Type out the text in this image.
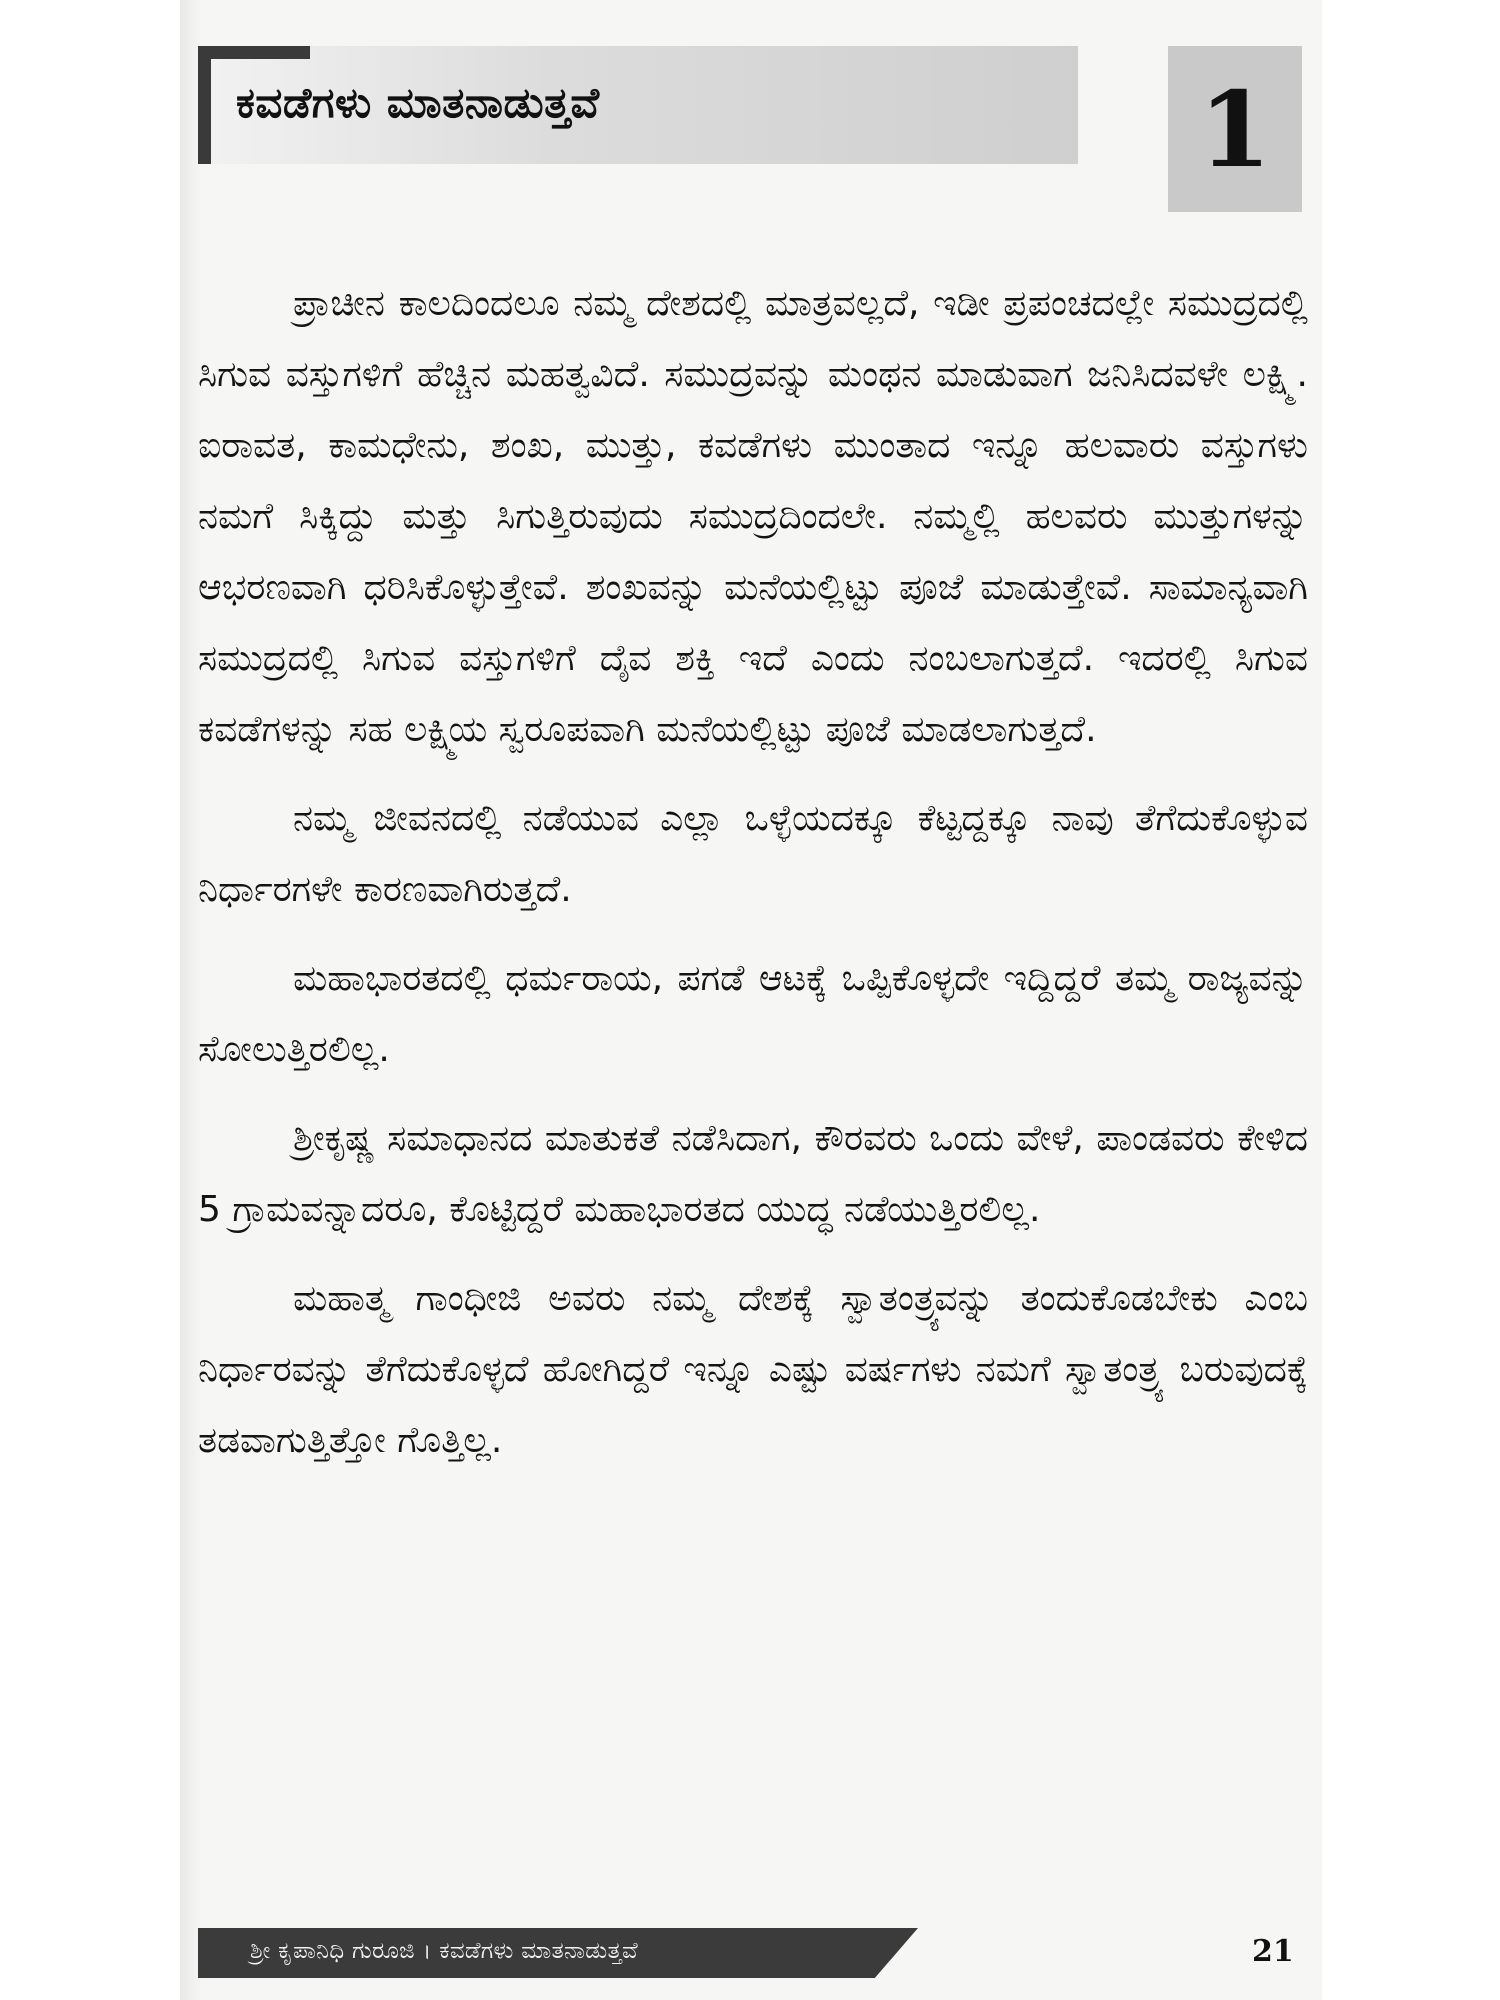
ಕವಡೆಗಳು ಮಾತನಾಡುತ್ತವೆ	1

ಪ್ರಾಚೀನ ಕಾಲದಿಂದಲೂ ನಮ್ಮ ದೇಶದಲ್ಲಿ ಮಾತ್ರವಲ್ಲದೆ, ಇಡೀ ಪ್ರಪಂಚದಲ್ಲೇ ಸಮುದ್ರದಲ್ಲಿ ಸಿಗುವ ವಸ್ತುಗಳಿಗೆ ಹೆಚ್ಚಿನ ಮಹತ್ವವಿದೆ. ಸಮುದ್ರವನ್ನು ಮಂಥನ ಮಾಡುವಾಗ ಜನಿಸಿದವಳೇ ಲಕ್ಷ್ಮಿ. ಐರಾವತ, ಕಾಮಧೇನು, ಶಂಖ, ಮುತ್ತು, ಕವಡೆಗಳು ಮುಂತಾದ ಇನ್ನೂ ಹಲವಾರು ವಸ್ತುಗಳು ನಮಗೆ ಸಿಕ್ಕಿದ್ದು ಮತ್ತು ಸಿಗುತ್ತಿರುವುದು ಸಮುದ್ರದಿಂದಲೇ. ನಮ್ಮಲ್ಲಿ ಹಲವರು ಮುತ್ತುಗಳನ್ನು ಆಭರಣವಾಗಿ ಧರಿಸಿಕೊಳ್ಳುತ್ತೇವೆ. ಶಂಖವನ್ನು ಮನೆಯಲ್ಲಿಟ್ಟು ಪೂಜೆ ಮಾಡುತ್ತೇವೆ. ಸಾಮಾನ್ಯವಾಗಿ ಸಮುದ್ರದಲ್ಲಿ ಸಿಗುವ ವಸ್ತುಗಳಿಗೆ ದೈವ ಶಕ್ತಿ ಇದೆ ಎಂದು ನಂಬಲಾಗುತ್ತದೆ. ಇದರಲ್ಲಿ ಸಿಗುವ ಕವಡೆಗಳನ್ನು ಸಹ ಲಕ್ಷ್ಮಿಯ ಸ್ವರೂಪವಾಗಿ ಮನೆಯಲ್ಲಿಟ್ಟು ಪೂಜೆ ಮಾಡಲಾಗುತ್ತದೆ.

ನಮ್ಮ ಜೀವನದಲ್ಲಿ ನಡೆಯುವ ಎಲ್ಲಾ ಒಳ್ಳೆಯದಕ್ಕೂ ಕೆಟ್ಟದ್ದಕ್ಕೂ ನಾವು ತೆಗೆದುಕೊಳ್ಳುವ ನಿರ್ಧಾರಗಳೇ ಕಾರಣವಾಗಿರುತ್ತದೆ.

ಮಹಾಭಾರತದಲ್ಲಿ ಧರ್ಮರಾಯ, ಪಗಡೆ ಆಟಕ್ಕೆ ಒಪ್ಪಿಕೊಳ್ಳದೇ ಇದ್ದಿದ್ದರೆ ತಮ್ಮ ರಾಜ್ಯವನ್ನು ಸೋಲುತ್ತಿರಲಿಲ್ಲ.

ಶ್ರೀಕೃಷ್ಣ ಸಮಾಧಾನದ ಮಾತುಕತೆ ನಡೆಸಿದಾಗ, ಕೌರವರು ಒಂದು ವೇಳೆ, ಪಾಂಡವರು ಕೇಳಿದ 5 ಗ್ರಾಮವನ್ನಾದರೂ, ಕೊಟ್ಟಿದ್ದರೆ ಮಹಾಭಾರತದ ಯುದ್ಧ ನಡೆಯುತ್ತಿರಲಿಲ್ಲ.

ಮಹಾತ್ಮ ಗಾಂಧೀಜಿ ಅವರು ನಮ್ಮ ದೇಶಕ್ಕೆ ಸ್ವಾತಂತ್ರ್ಯವನ್ನು ತಂದುಕೊಡಬೇಕು ಎಂಬ ನಿರ್ಧಾರವನ್ನು ತೆಗೆದುಕೊಳ್ಳದೆ ಹೋಗಿದ್ದರೆ ಇನ್ನೂ ಎಷ್ಟು ವರ್ಷಗಳು ನಮಗೆ ಸ್ವಾತಂತ್ರ್ಯ ಬರುವುದಕ್ಕೆ ತಡವಾಗುತ್ತಿತ್ತೋ ಗೊತ್ತಿಲ್ಲ.

ಶ್ರೀ ಕೃಪಾನಿಧಿ ಗುರೂಜಿ । ಕವಡೆಗಳು ಮಾತನಾಡುತ್ತವೆ	21
